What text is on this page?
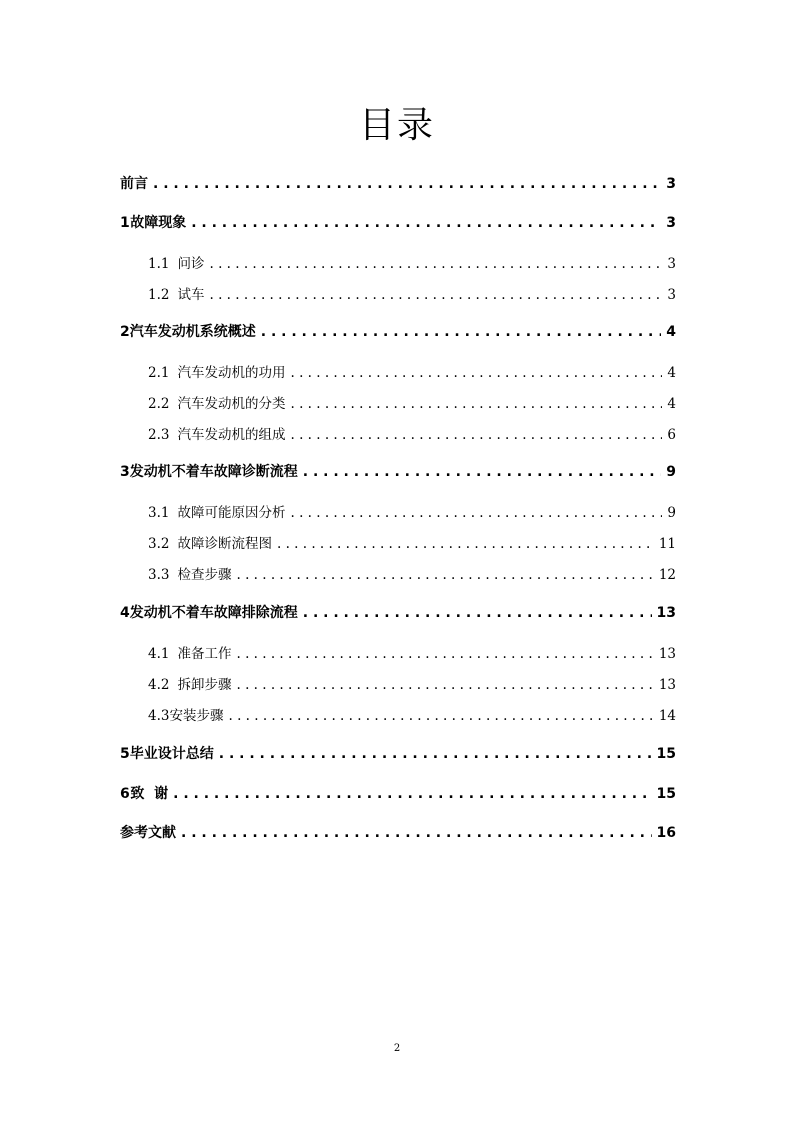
目录
前言 . . .	3
1 故障现象 . . .	3
1.1 问诊 . . .	3
1.2 试车 . . .	3
2 汽车发动机系统概述 . . .	4
2.1 汽车发动机的功用 . . .	4
2.2 汽车发动机的分类 . . .	4
2.3 汽车发动机的组成 . . .	6
3 发动机不着车故障诊断流程 . . .	9
3.1 故障可能原因分析 . . .	9
3.2 故障诊断流程图 . . .	11
3.3 检查步骤 . . .	12
4 发动机不着车故障排除流程 . . .	13
4.1 准备工作 . . .	13
4.2 拆卸步骤 . . .	13
4.3 安装步骤 . . .	14
5 毕业设计总结 . . .	15
6 致  谢 . . .	15
参考文献 . . .	16
2
